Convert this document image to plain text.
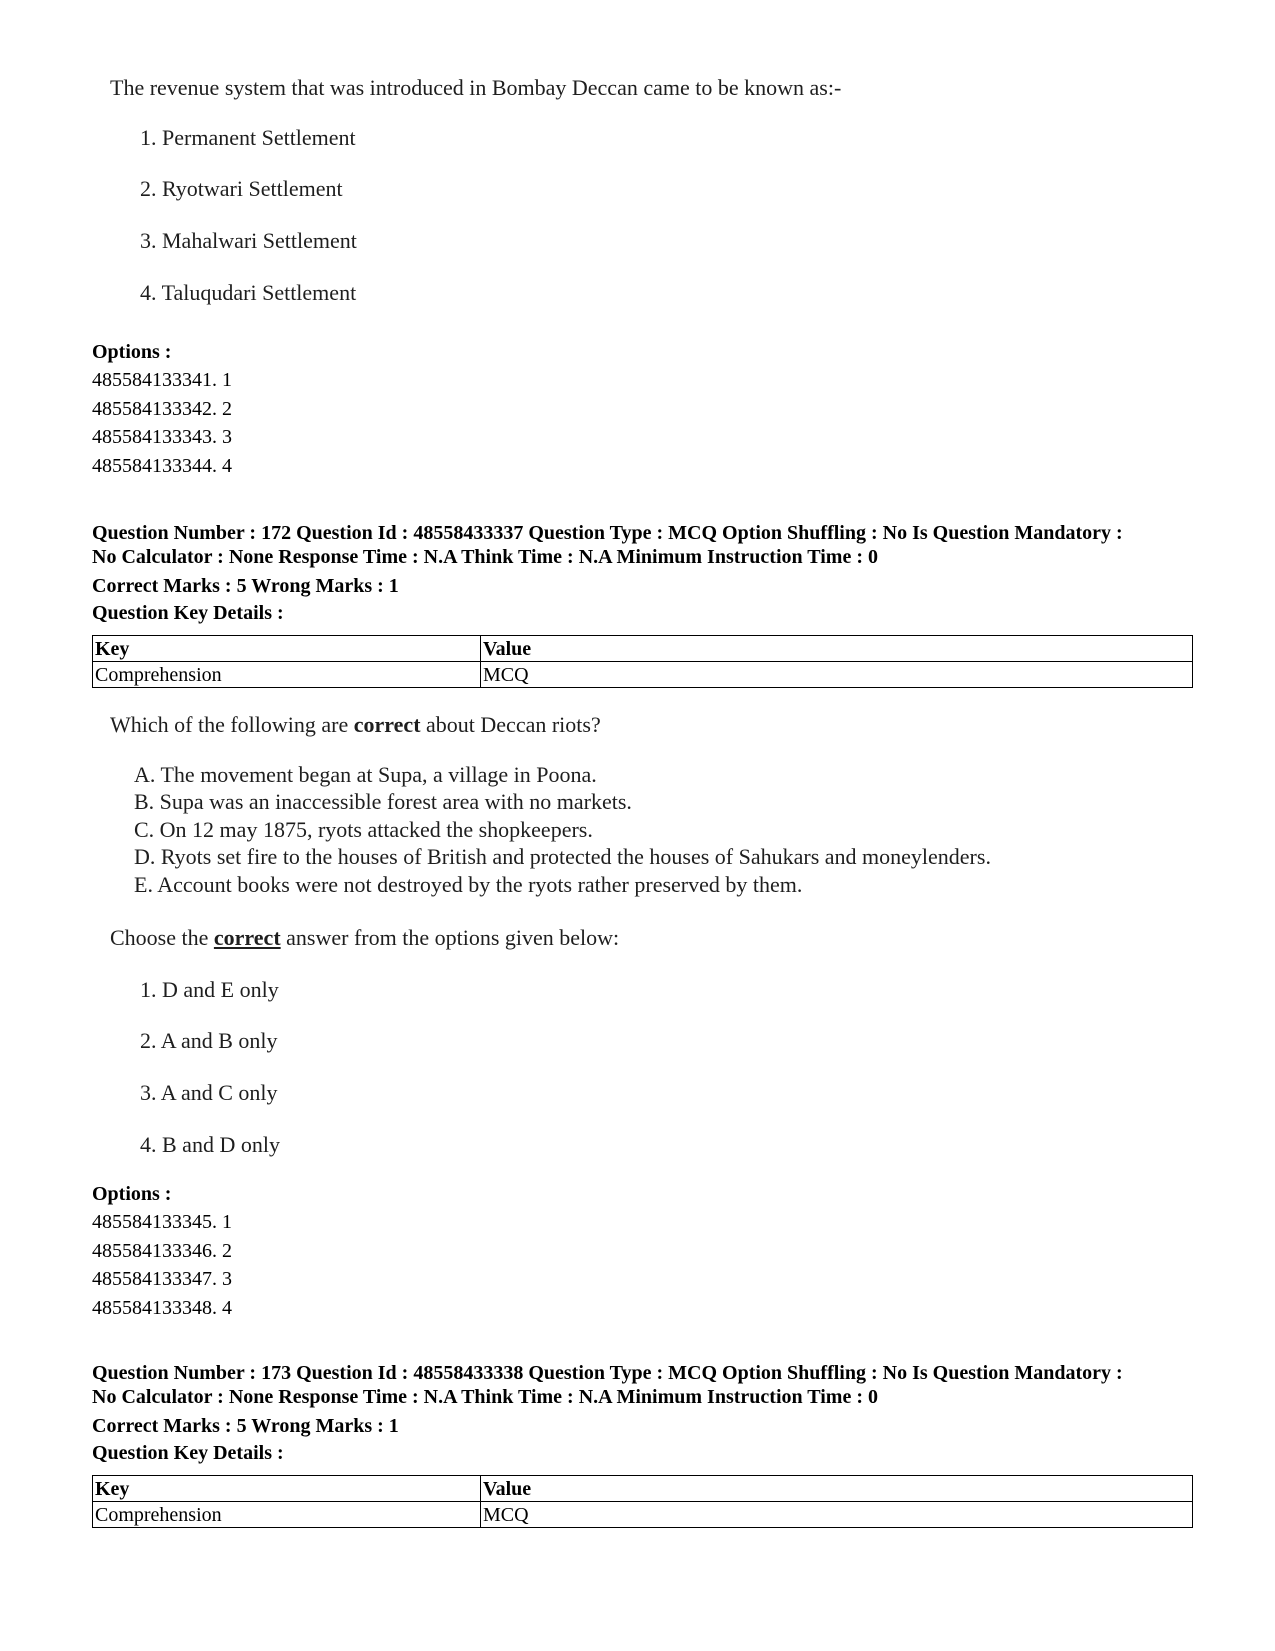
The revenue system that was introduced in Bombay Deccan came to be known as:-

1. Permanent Settlement
2. Ryotwari Settlement
3. Mahalwari Settlement
4. Taluqudari Settlement
Options :
485584133341. 1
485584133342. 2
485584133343. 3
485584133344. 4
Question Number : 172 Question Id : 48558433337 Question Type : MCQ Option Shuffling : No Is Question Mandatory :
No Calculator : None Response Time : N.A Think Time : N.A Minimum Instruction Time : 0
Correct Marks : 5 Wrong Marks : 1
Question Key Details :
Key	Value
Comprehension	MCQ

Which of the following are correct about Deccan riots?

A. The movement began at Supa, a village in Poona.
B. Supa was an inaccessible forest area with no markets.
C. On 12 may 1875, ryots attacked the shopkeepers.
D. Ryots set fire to the houses of British and protected the houses of Sahukars and moneylenders.
E. Account books were not destroyed by the ryots rather preserved by them.

Choose the correct answer from the options given below:

1. D and E only
2. A and B only
3. A and C only
4. B and D only
Options :
485584133345. 1
485584133346. 2
485584133347. 3
485584133348. 4
Question Number : 173 Question Id : 48558433338 Question Type : MCQ Option Shuffling : No Is Question Mandatory :
No Calculator : None Response Time : N.A Think Time : N.A Minimum Instruction Time : 0
Correct Marks : 5 Wrong Marks : 1
Question Key Details :
Key	Value
Comprehension	MCQ
